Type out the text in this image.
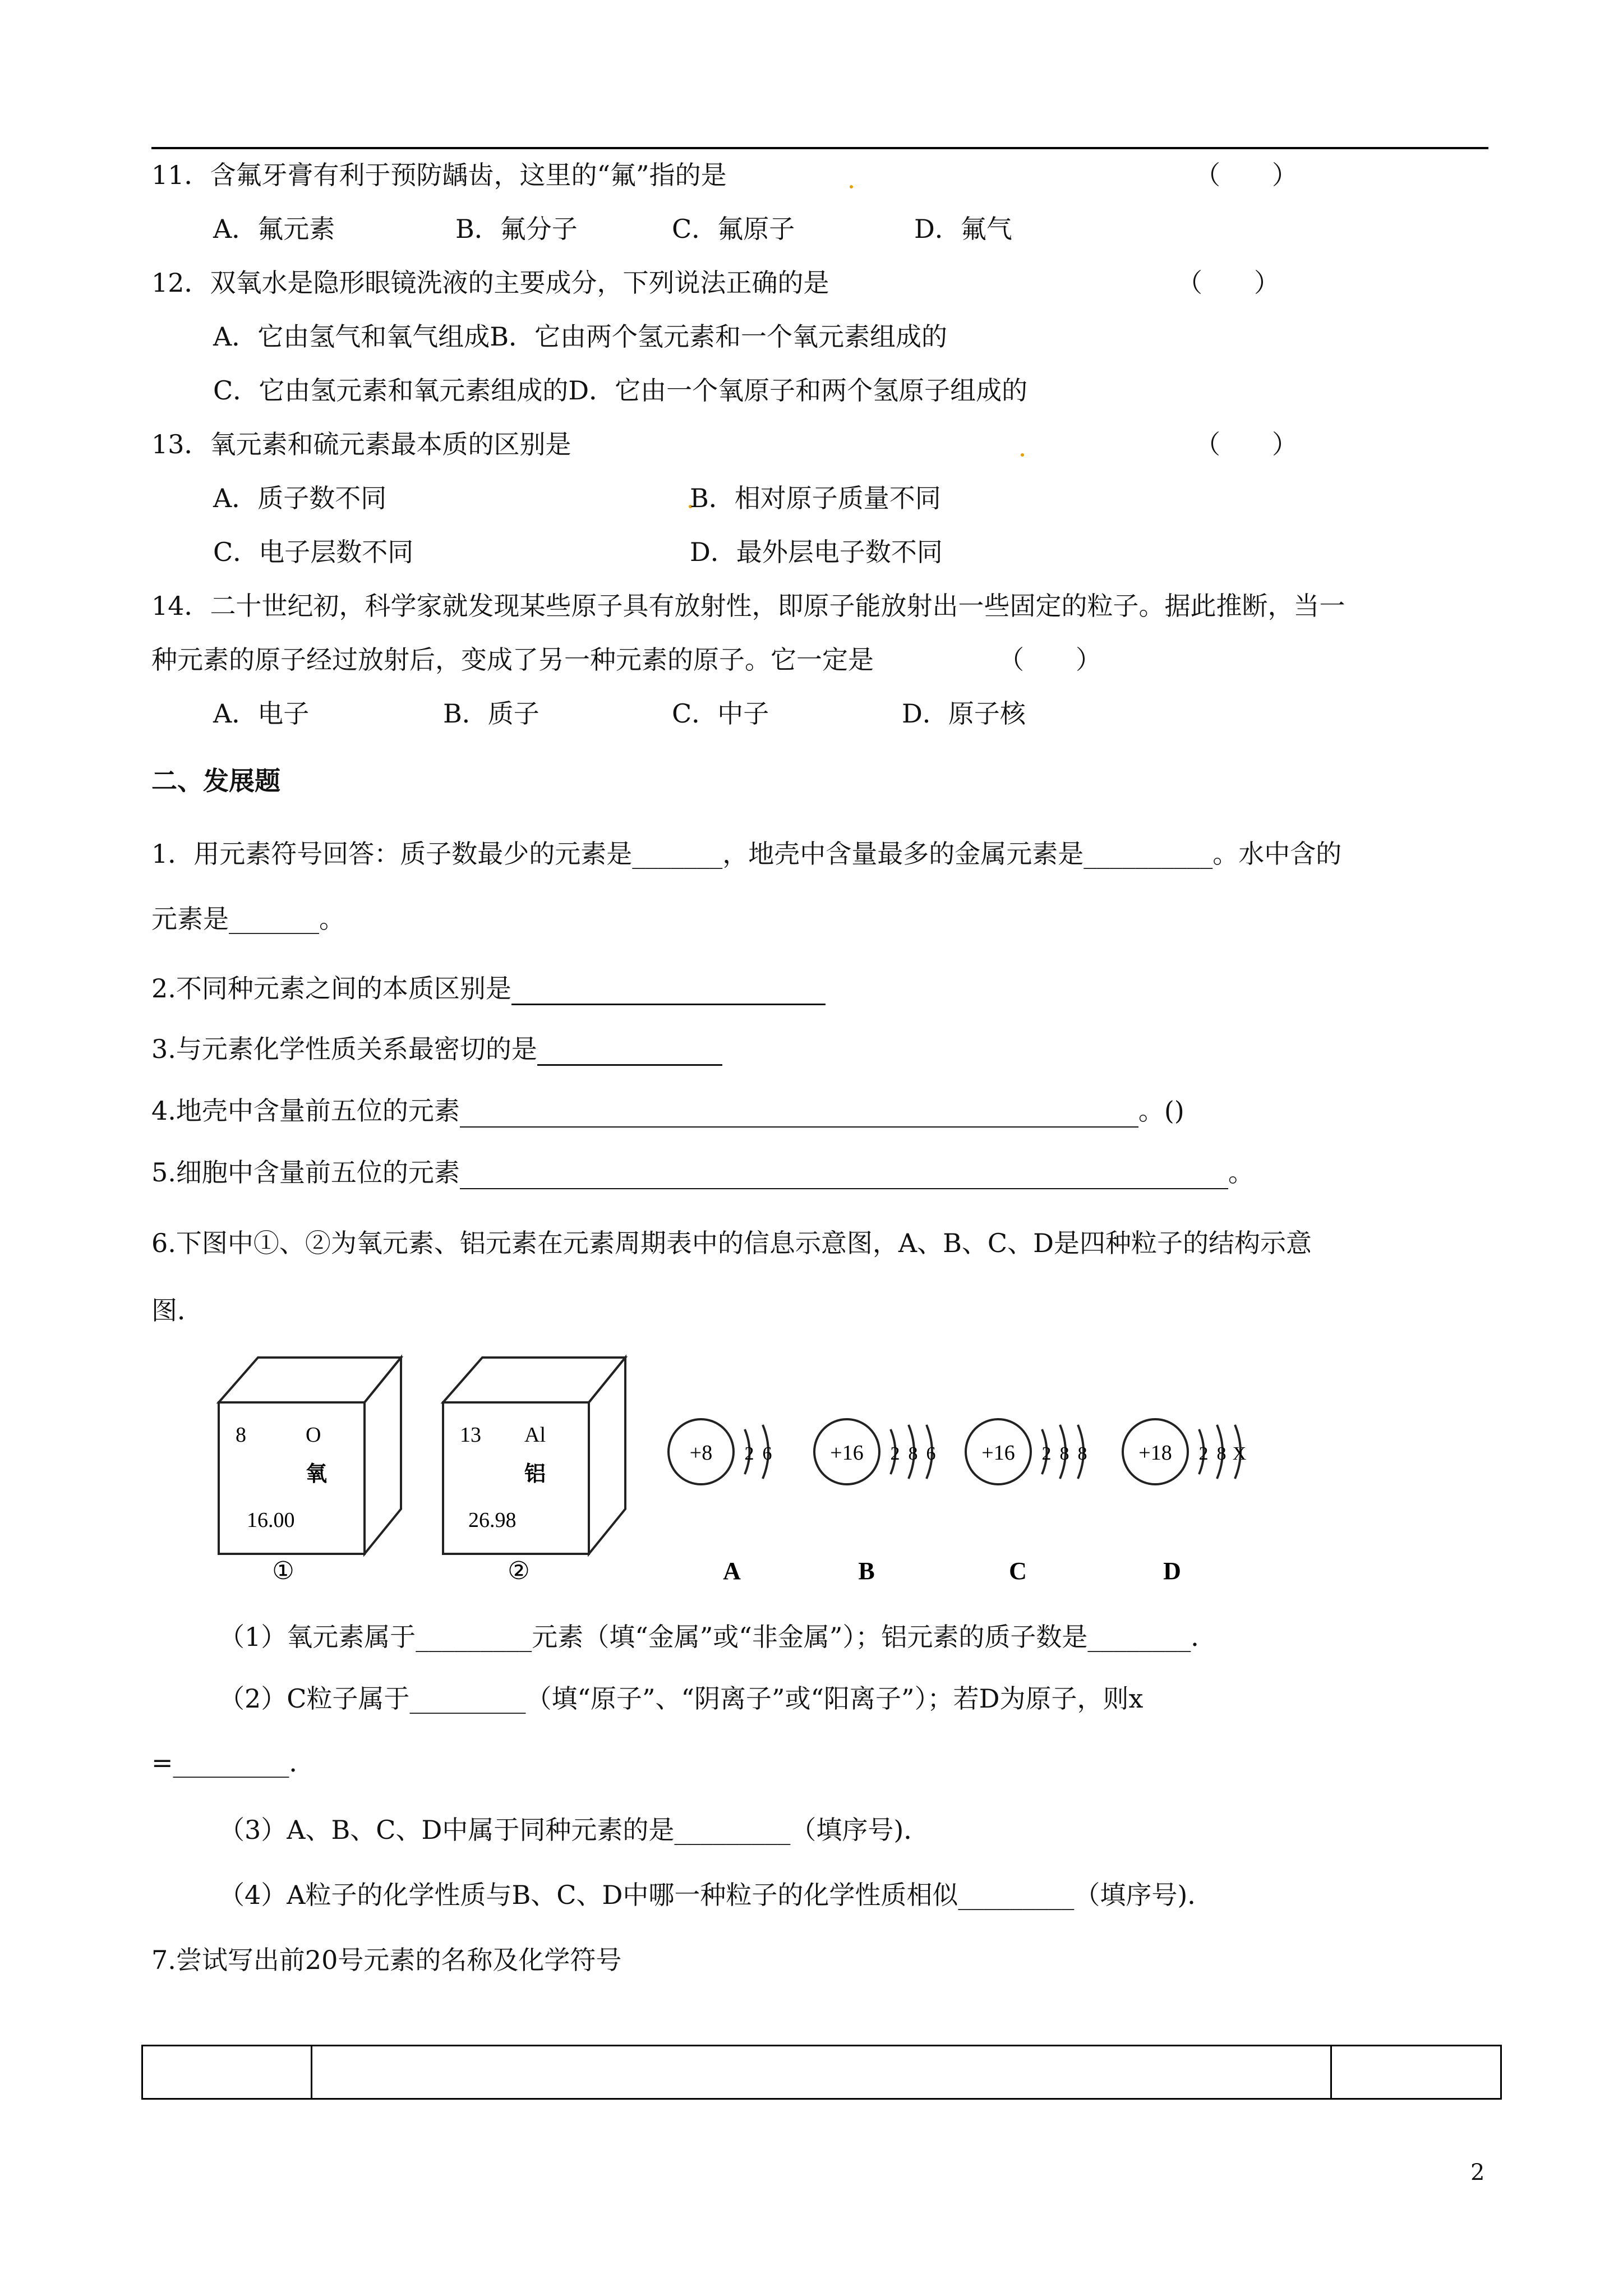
11．含氟牙膏有利于预防龋齿，这里的“氟”指的是	（　　）
A．氟元素	B．氟分子	C．氟原子	D．氟气
12．双氧水是隐形眼镜洗液的主要成分，下列说法正确的是	（　　）
A．它由氢气和氧气组成B．它由两个氢元素和一个氧元素组成的
C．它由氢元素和氧元素组成的D．它由一个氧原子和两个氢原子组成的
13．氧元素和硫元素最本质的区别是	（　　）
A．质子数不同	B．相对原子质量不同
C．电子层数不同	D．最外层电子数不同
14．二十世纪初，科学家就发现某些原子具有放射性，即原子能放射出一些固定的粒子。据此推断，当一
种元素的原子经过放射后，变成了另一种元素的原子。它一定是	（　　）
A．电子	B．质子	C．中子	D．原子核
二、发展题
1．用元素符号回答：质子数最少的元素是_______，地壳中含量最多的金属元素是__________。水中含的
元素是_______。
2.不同种元素之间的本质区别是
3.与元素化学性质关系最密切的是
4.地壳中含量前五位的元素	。()
5.细胞中含量前五位的元素	。
6.下图中①、②为氧元素、铝元素在元素周期表中的信息示意图，A、B、C、D是四种粒子的结构示意
图．
8	O
氧
16.00
13 Al
铝
26.98
+8 2 6	+16 2 8 6 +16 2 8 8 +18 2 8 X
①	②	A	B	C	D
（1）氧元素属于_________元素（填“金属”或“非金属”）；铝元素的质子数是________．
（2）C粒子属于_________（填“原子”、“阴离子”或“阳离子”）；若D为原子，则x
=_________．
（3）A、B、C、D中属于同种元素的是_________（填序号)．
（4）A粒子的化学性质与B、C、D中哪一种粒子的化学性质相似_________（填序号)．
7.尝试写出前20号元素的名称及化学符号
2
